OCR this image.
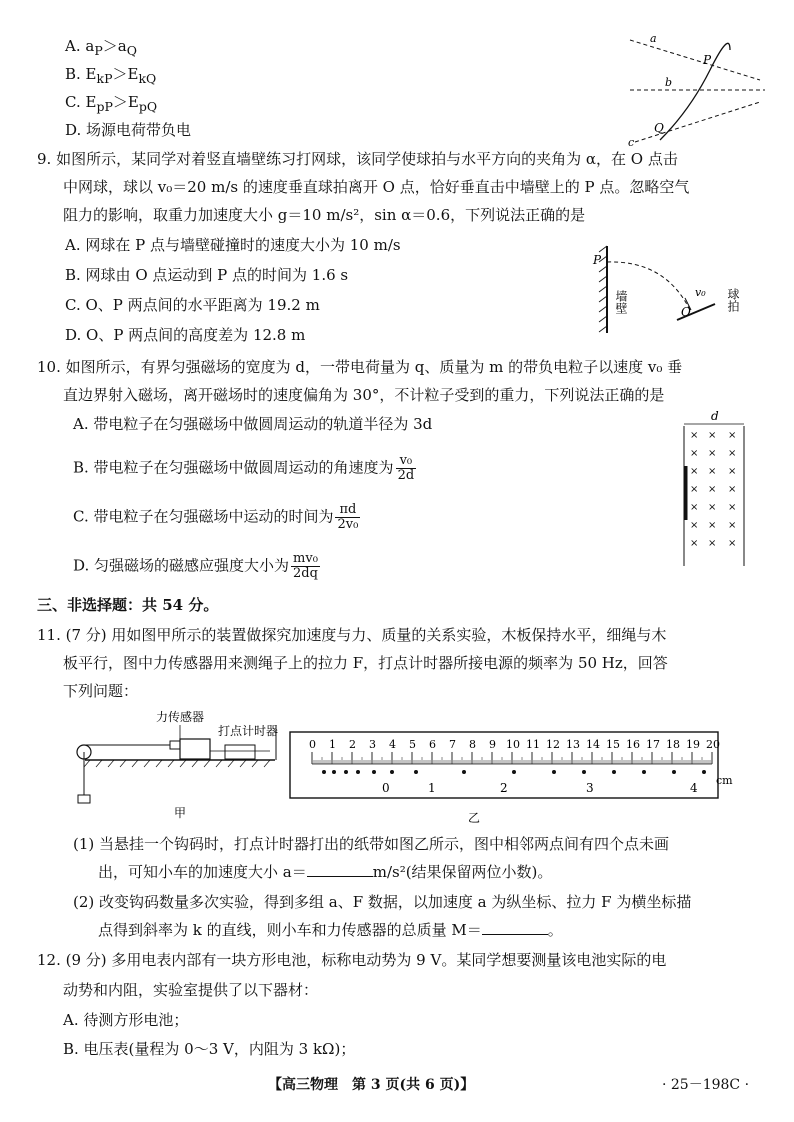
A. $a_P>a_Q$
B. $E_{kP}>E_{kQ}$
C. $E_{pP}>E_{pQ}$
D. 场源电荷带负电
a
P
b
Q
c
9. 如图所示，某同学对着竖直墙壁练习打网球，该同学使球拍与水平方向的夹角为 α，在 O 点击
中网球，球以 v₀＝20 m/s 的速度垂直球拍离开 O 点，恰好垂直击中墙壁上的 P 点。忽略空气
阻力的影响，取重力加速度大小 g＝10 m/s²，sin α＝0.6，下列说法正确的是
A. 网球在 P 点与墙壁碰撞时的速度大小为 10 m/s
B. 网球由 O 点运动到 P 点的时间为 1.6 s
C. O、P 两点间的水平距离为 19.2 m
D. O、P 两点间的高度差为 12.8 m
P
v₀
O
墙壁	球拍
10. 如图所示，有界匀强磁场的宽度为 d，一带电荷量为 q、质量为 m 的带负电粒子以速度 v₀ 垂
直边界射入磁场，离开磁场时的速度偏角为 30°，不计粒子受到的重力，下列说法正确的是
A. 带电粒子在匀强磁场中做圆周运动的轨道半径为 3d
B. 带电粒子在匀强磁场中做圆周运动的角速度为 $\frac{\text{v₀}}{2d}$
C. 带电粒子在匀强磁场中运动的时间为 $\frac{\pi d}{\text{2v₀}}$
D. 匀强磁场的磁感应强度大小为 $\frac{\text{mv₀}}{2dq}$
d
× × ×
× × ×
× × ×
× × ×
× × ×
× × ×
× × ×
三、非选择题：共 54 分。
11. (7 分) 用如图甲所示的装置做探究加速度与力、质量的关系实验，木板保持水平，细绳与木
板平行，图中力传感器用来测绳子上的拉力 F，打点计时器所接电源的频率为 50 Hz，回答
下列问题：
力传感器
打点计时器
甲
0 1 2 3 4 5 6 7 8 9 10 11 12 13 14 15 16 17 18 19 20
cm
0	1	2	3	4
乙
(1) 当悬挂一个钩码时，打点计时器打出的纸带如图乙所示，图中相邻两点间有四个点未画
出，可知小车的加速度大小 a＝	m/s²(结果保留两位小数)。
(2) 改变钩码数量多次实验，得到多组 a、F 数据，以加速度 a 为纵坐标、拉力 F 为横坐标描
点得到斜率为 k 的直线，则小车和力传感器的总质量 M＝	。
12. (9 分) 多用电表内部有一块方形电池，标称电动势为 9 V。某同学想要测量该电池实际的电
动势和内阻，实验室提供了以下器材：
A. 待测方形电池；
B. 电压表(量程为 0～3 V，内阻为 3 kΩ)；
【高三物理　第 3 页(共 6 页)】	· 25－198C ·
